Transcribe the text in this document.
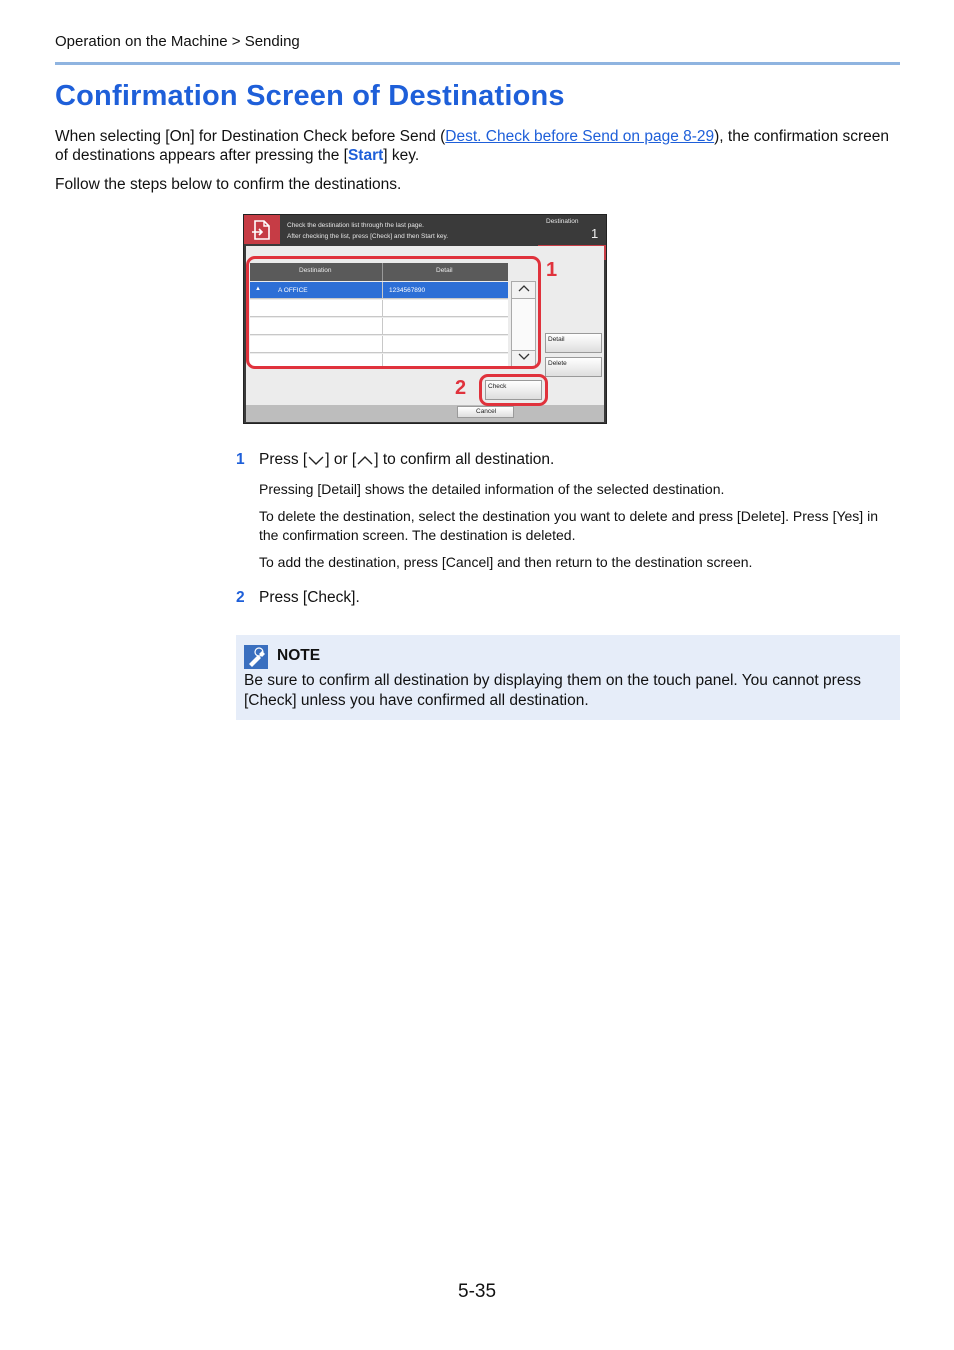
Operation on the Machine > Sending
Confirmation Screen of Destinations

When selecting [On] for Destination Check before Send (Dest. Check before Send on page 8-29), the confirmation screen of destinations appears after pressing the [Start] key.

Follow the steps below to confirm the destinations.

Check the destination list through the last page.
After checking the list, press [Check] and then Start key.
Destination
1
Destination	Detail
▲	A OFFICE	1234567890
Detail
Delete
Check
Cancel
1
2
1 Press [ ] or [ ] to confirm all destination.

Pressing [Detail] shows the detailed information of the selected destination.

To delete the destination, select the destination you want to delete and press [Delete]. Press [Yes] in the confirmation screen. The destination is deleted.

To add the destination, press [Cancel] and then return to the destination screen.

2 Press [Check].
NOTE

Be sure to confirm all destination by displaying them on the touch panel. You cannot press [Check] unless you have confirmed all destination.

5-35
